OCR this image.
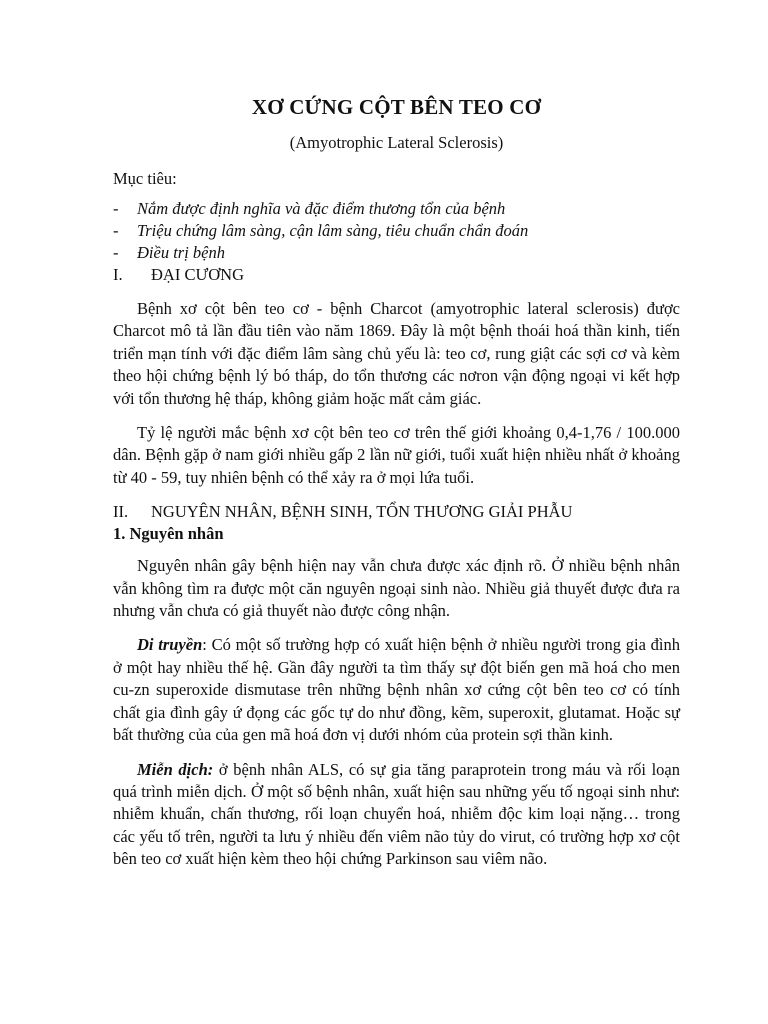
XƠ CỨNG CỘT BÊN TEO CƠ
(Amyotrophic Lateral Sclerosis)
Mục tiêu:
- Nắm được định nghĩa và đặc điểm thương tổn của bệnh
- Triệu chứng lâm sàng, cận lâm sàng, tiêu chuẩn chẩn đoán
- Điều trị bệnh
I. ĐẠI CƯƠNG

Bệnh xơ cột bên teo cơ - bệnh Charcot (amyotrophic lateral sclerosis) được Charcot mô tả lần đầu tiên vào năm 1869. Đây là một bệnh thoái hoá thần kinh, tiến triển mạn tính với đặc điểm lâm sàng chủ yếu là: teo cơ, rung giật các sợi cơ và kèm theo hội chứng bệnh lý bó tháp, do tổn thương các nơron vận động ngoại vi kết hợp với tổn thương hệ tháp, không giảm hoặc mất cảm giác.

Tỷ lệ người mắc bệnh xơ cột bên teo cơ trên thế giới khoảng 0,4-1,76 / 100.000 dân. Bệnh gặp ở nam giới nhiều gấp 2 lần nữ giới, tuổi xuất hiện nhiều nhất ở khoảng từ 40 - 59, tuy nhiên bệnh có thể xảy ra ở mọi lứa tuổi.

II. NGUYÊN NHÂN, BỆNH SINH, TỔN THƯƠNG GIẢI PHẪU
1. Nguyên nhân

Nguyên nhân gây bệnh hiện nay vẫn chưa được xác định rõ. Ở nhiều bệnh nhân vẫn không tìm ra được một căn nguyên ngoại sinh nào. Nhiều giả thuyết được đưa ra nhưng vẫn chưa có giả thuyết nào được công nhận.

Di truyền: Có một số trường hợp có xuất hiện bệnh ở nhiều người trong gia đình ở một hay nhiều thế hệ. Gần đây người ta tìm thấy sự đột biến gen mã hoá cho men cu-zn superoxide dismutase trên những bệnh nhân xơ cứng cột bên teo cơ có tính chất gia đình gây ứ đọng các gốc tự do như đồng, kẽm, superoxit, glutamat. Hoặc sự bất thường của của gen mã hoá đơn vị dưới nhóm của protein sợi thần kinh.

Miễn dịch: ở bệnh nhân ALS, có sự gia tăng paraprotein trong máu và rối loạn quá trình miễn dịch. Ở một số bệnh nhân, xuất hiện sau những yếu tố ngoại sinh như: nhiễm khuẩn, chấn thương, rối loạn chuyển hoá, nhiễm độc kim loại nặng… trong các yếu tố trên, người ta lưu ý nhiều đến viêm não tủy do virut, có trường hợp xơ cột bên teo cơ xuất hiện kèm theo hội chứng Parkinson sau viêm não.
